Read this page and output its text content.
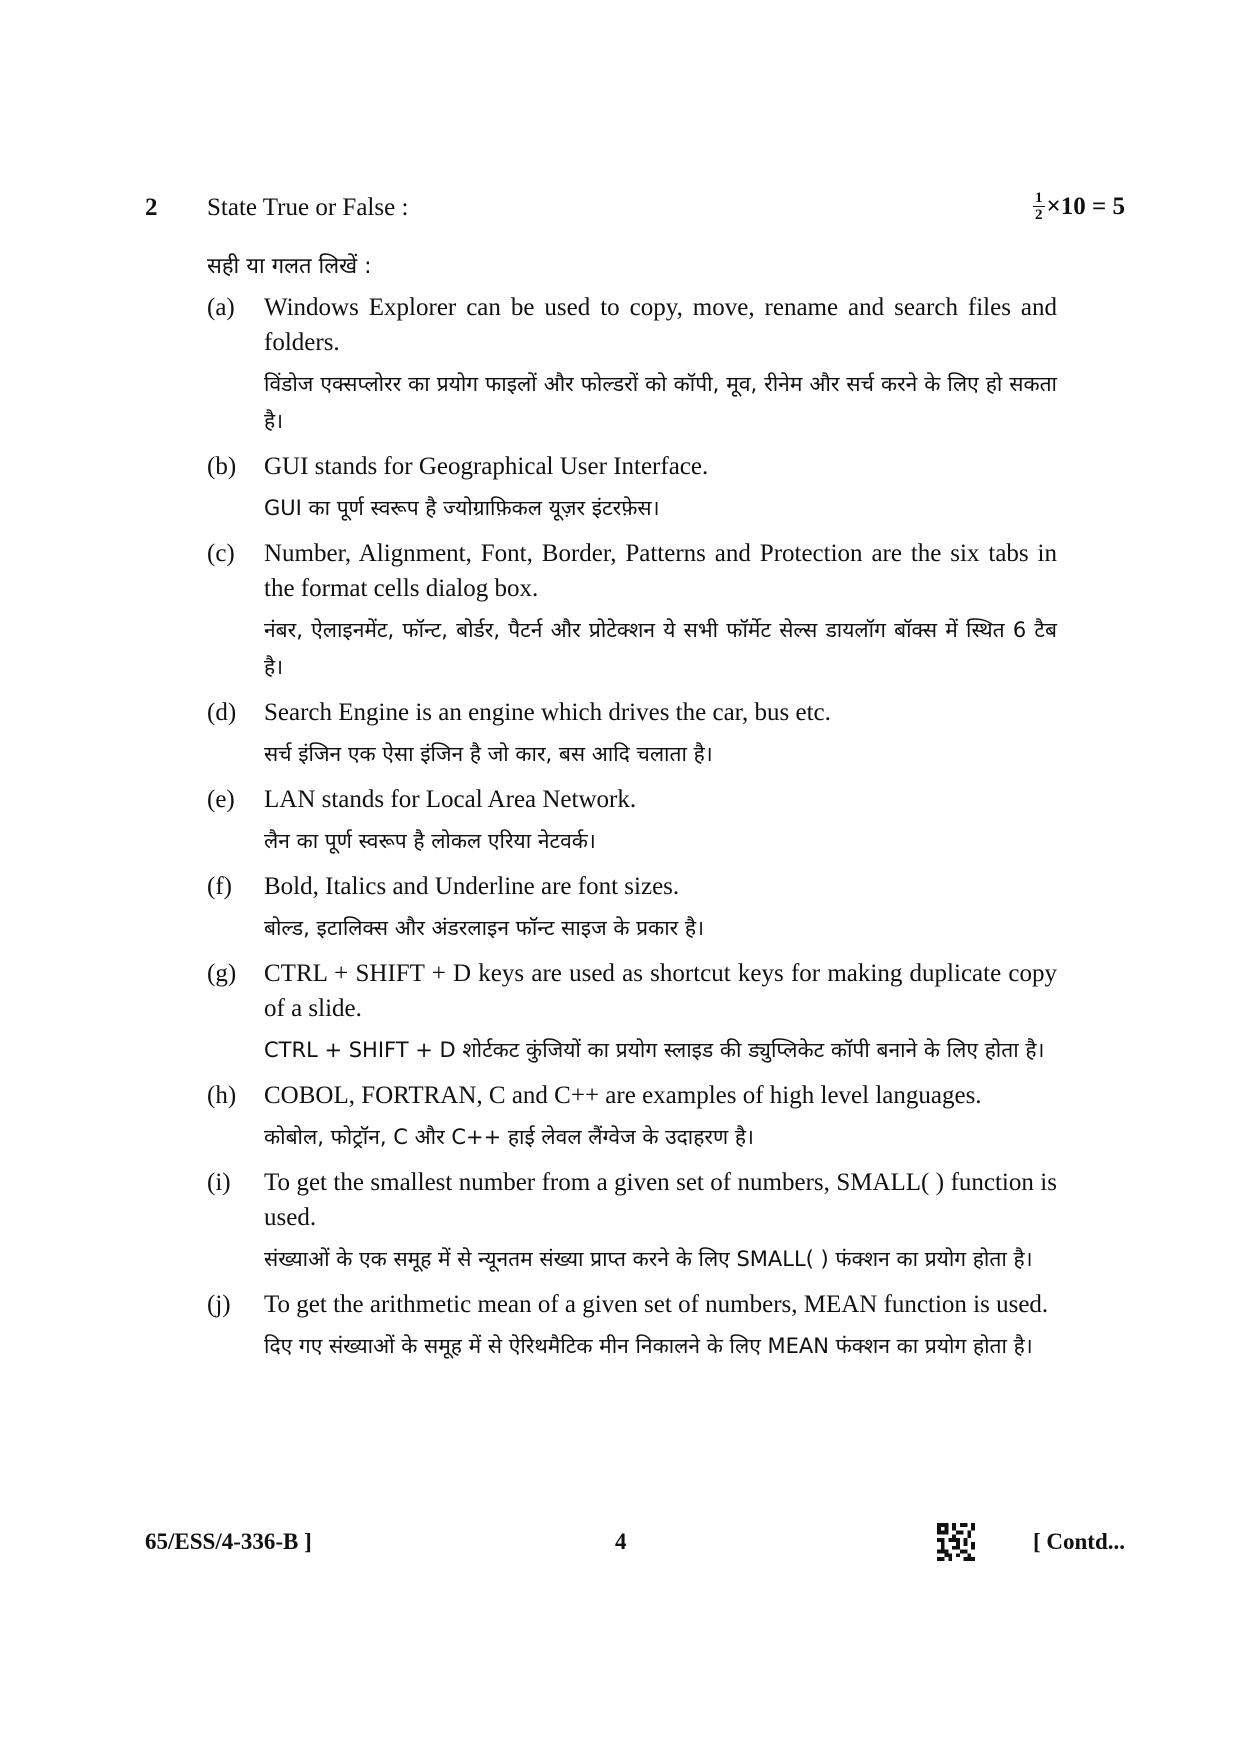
2 State True or False :	$\frac{1}{2} \times 10 = 5$
सही या गलत लिखें :
(a) Windows Explorer can be used to copy, move, rename and search files and folders.
विंडोज एक्सप्लोरर का प्रयोग फाइलों और फोल्डरों को कॉपी, मूव, रीनेम और सर्च करने के लिए हो सकता है।
(b) GUI stands for Geographical User Interface.
GUI का पूर्ण स्वरूप है ज्योग्राफ़िकल यूज़र इंटरफ़ेस।
(c) Number, Alignment, Font, Border, Patterns and Protection are the six tabs in the format cells dialog box.
नंबर, ऐलाइनमेंट, फॉन्ट, बोर्डर, पैटर्न और प्रोटेक्शन ये सभी फॉर्मेट सेल्स डायलॉग बॉक्स में स्थित 6 टैब है।
(d) Search Engine is an engine which drives the car, bus etc.
सर्च इंजिन एक ऐसा इंजिन है जो कार, बस आदि चलाता है।
(e) LAN stands for Local Area Network.
लैन का पूर्ण स्वरूप है लोकल एरिया नेटवर्क।
(f) Bold, Italics and Underline are font sizes.
बोल्ड, इटालिक्स और अंडरलाइन फॉन्ट साइज के प्रकार है।
(g) CTRL + SHIFT + D keys are used as shortcut keys for making duplicate copy of a slide.
CTRL + SHIFT + D शोर्टकट कुंजियों का प्रयोग स्लाइड की ड्युप्लिकेट कॉपी बनाने के लिए होता है।
(h) COBOL, FORTRAN, C and C++ are examples of high level languages.
कोबोल, फोट्रॉन, C और C++ हाई लेवल लैंग्वेज के उदाहरण है।
(i) To get the smallest number from a given set of numbers, SMALL( ) function is used.
संख्याओं के एक समूह में से न्यूनतम संख्या प्राप्त करने के लिए SMALL( ) फंक्शन का प्रयोग होता है।
(j) To get the arithmetic mean of a given set of numbers, MEAN function is used.
दिए गए संख्याओं के समूह में से ऐरिथमैटिक मीन निकालने के लिए MEAN फंक्शन का प्रयोग होता है।
65/ESS/4-336-B ]	4	[ Contd...
